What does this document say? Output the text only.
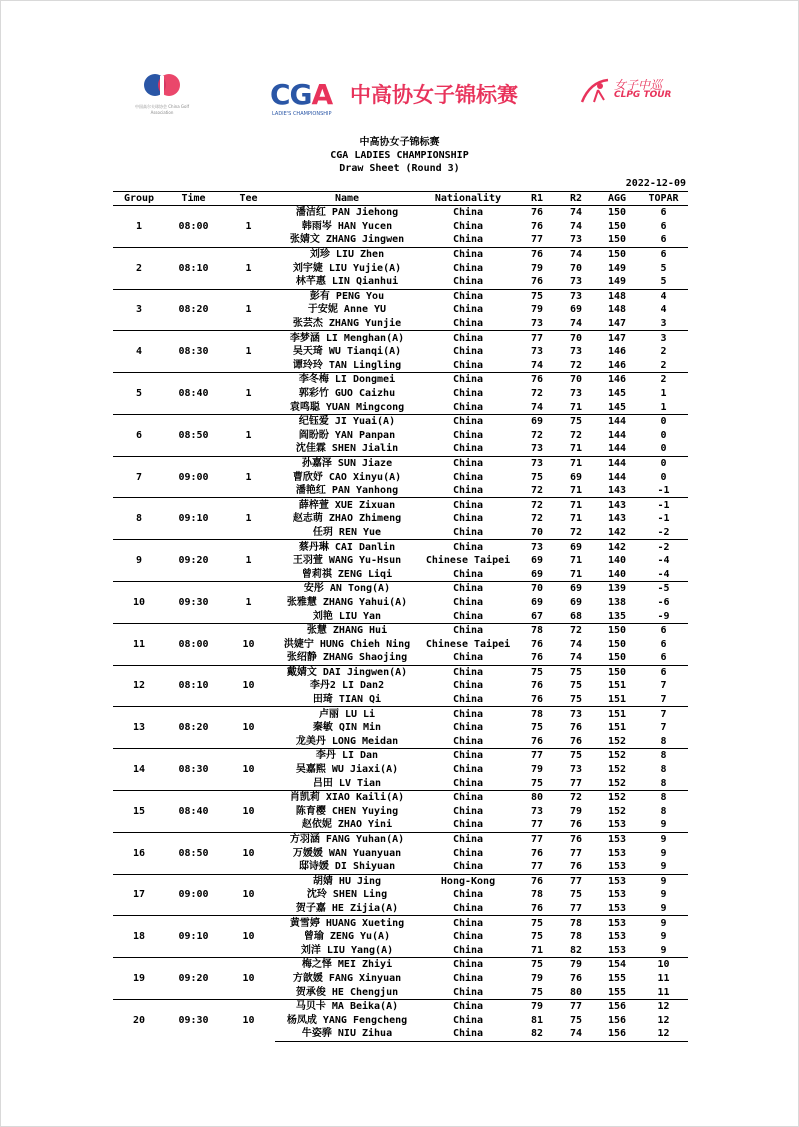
中国高尔夫球协会 China Golf Association
CGA 中高协女子锦标赛
LADIE'S CHAMPIONSHIP
女子中巡
CLPG TOUR
中高协女子锦标赛
CGA LADIES CHAMPIONSHIP
Draw Sheet (Round 3)
2022-12-09
Group	Time	Tee	Name	Nationality	R1	R2	AGG	TOPAR
1	08:00	1	潘洁红 PAN Jiehong	China	76	74	150	6
			韩雨岑 HAN Yucen	China	76	74	150	6
			张婧文 ZHANG Jingwen	China	77	73	150	6
2	08:10	1	刘珍 LIU Zhen	China	76	74	150	6
			刘宇婕 LIU Yujie(A)	China	79	70	149	5
			林芊惠 LIN Qianhui	China	76	73	149	5
3	08:20	1	彭有 PENG You	China	75	73	148	4
			于安妮 Anne YU	China	79	69	148	4
			张芸杰 ZHANG Yunjie	China	73	74	147	3
4	08:30	1	李梦涵 LI Menghan(A)	China	77	70	147	3
			吴天琦 WU Tianqi(A)	China	73	73	146	2
			谭玲玲 TAN Lingling	China	74	72	146	2
5	08:40	1	李冬梅 LI Dongmei	China	76	70	146	2
			郭彩竹 GUO Caizhu	China	72	73	145	1
			袁鸣聪 YUAN Mingcong	China	74	71	145	1
6	08:50	1	纪钰爱 JI Yuai(A)	China	69	75	144	0
			阎盼盼 YAN Panpan	China	72	72	144	0
			沈佳霖 SHEN Jialin	China	73	71	144	0
7	09:00	1	孙嘉泽 SUN Jiaze	China	73	71	144	0
			曹欣妤 CAO Xinyu(A)	China	75	69	144	0
			潘艳红 PAN Yanhong	China	72	71	143	-1
8	09:10	1	薛梓萱 XUE Zixuan	China	72	71	143	-1
			赵志萌 ZHAO Zhimeng	China	72	71	143	-1
			任玥 REN Yue	China	70	72	142	-2
9	09:20	1	蔡丹琳 CAI Danlin	China	73	69	142	-2
			王羽萱 WANG Yu-Hsun	Chinese Taipei	69	71	140	-4
			曾莉祺 ZENG Liqi	China	69	71	140	-4
10	09:30	1	安彤 AN Tong(A)	China	70	69	139	-5
			张雅慧 ZHANG Yahui(A)	China	69	69	138	-6
			刘艳 LIU Yan	China	67	68	135	-9
11	08:00	10	张慧 ZHANG Hui	China	78	72	150	6
			洪婕宁 HUNG Chieh Ning	Chinese Taipei	76	74	150	6
			张绍静 ZHANG Shaojing	China	76	74	150	6
12	08:10	10	戴婧文 DAI Jingwen(A)	China	75	75	150	6
			李丹2 LI Dan2	China	76	75	151	7
			田琦 TIAN Qi	China	76	75	151	7
13	08:20	10	卢丽 LU Li	China	78	73	151	7
			秦敏 QIN Min	China	75	76	151	7
			龙美丹 LONG Meidan	China	76	76	152	8
14	08:30	10	李丹 LI Dan	China	77	75	152	8
			吴嘉熙 WU Jiaxi(A)	China	79	73	152	8
			吕田 LV Tian	China	75	77	152	8
15	08:40	10	肖凯莉 XIAO Kaili(A)	China	80	72	152	8
			陈育樱 CHEN Yuying	China	73	79	152	8
			赵依妮 ZHAO Yini	China	77	76	153	9
16	08:50	10	方羽涵 FANG Yuhan(A)	China	77	76	153	9
			万媛媛 WAN Yuanyuan	China	76	77	153	9
			邸诗媛 DI Shiyuan	China	77	76	153	9
17	09:00	10	胡婧 HU Jing	Hong-Kong	76	77	153	9
			沈玲 SHEN Ling	China	78	75	153	9
			贺子嘉 HE Zijia(A)	China	76	77	153	9
18	09:10	10	黄雪婷 HUANG Xueting	China	75	78	153	9
			曾瑜 ZENG Yu(A)	China	75	78	153	9
			刘洋 LIU Yang(A)	China	71	82	153	9
19	09:20	10	梅之怿 MEI Zhiyi	China	75	79	154	10
			方歆媛 FANG Xinyuan	China	79	76	155	11
			贺承俊 HE Chengjun	China	75	80	155	11
20	09:30	10	马贝卡 MA Beika(A)	China	79	77	156	12
			杨凤成 YANG Fengcheng	China	81	75	156	12
			牛姿骅 NIU Zihua	China	82	74	156	12
